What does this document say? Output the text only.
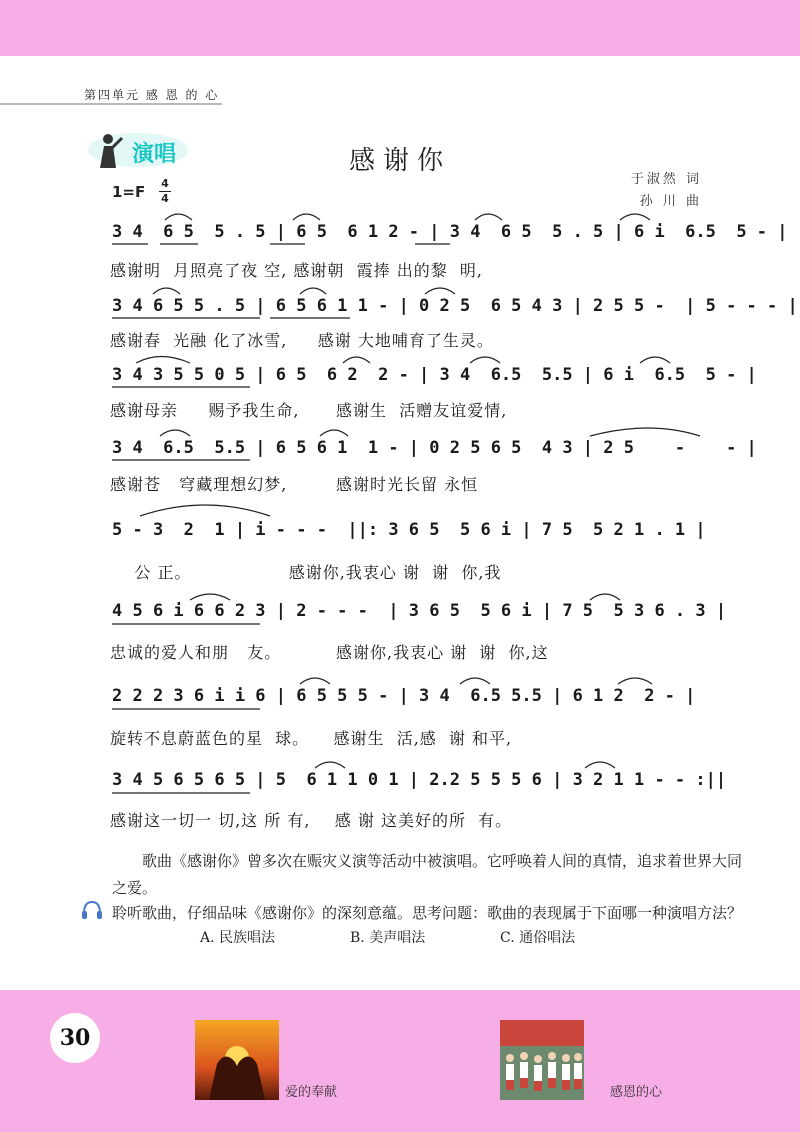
第四单元 感 恩 的 心
演唱	感谢你
于淑然 词
孙 川 曲
1=F 4
4
3 4  6 5  5 . 5 | 6 5  6 1 2 - | 3 4  6 5  5 . 5 | 6 i  6.5  5 - |
感谢明  月照亮了夜 空, 感谢朝  霞捧 出的黎  明,
3 4 6 5 5 . 5 | 6 5 6 1 1 - | 0 2 5  6 5 4 3 | 2 5 5 -  | 5 - - - |
感谢春  光融 化了冰雪,     感谢 大地哺育了生灵。
3 4 3 5 5 0 5 | 6 5  6 2  2 - | 3 4  6.5  5.5 | 6 i  6.5  5 - |
感谢母亲     赐予我生命,      感谢生  活赠友谊爱情,
3 4  6.5  5.5 | 6 5 6 1  1 - | 0 2 5 6 5  4 3 | 2 5    -    - |
感谢苍   穹藏理想幻梦,        感谢时光长留 永恒
5 - 3  2  1 | i - - -  ||: 3 6 5  5 6 i | 7 5  5 2 1 . 1 |
公 正。                感谢你,我衷心 谢  谢  你,我
4 5 6 i 6 6 2 3 | 2 - - -  | 3 6 5  5 6 i | 7 5  5 3 6 . 3 |
忠诚的爱人和朋   友。         感谢你,我衷心 谢  谢  你,这
2 2 2 3 6 i i 6 | 6 5 5 5 - | 3 4  6.5 5.5 | 6 1 2  2 - |
旋转不息蔚蓝色的星  球。    感谢生  活,感  谢 和平,
3 4 5 6 5 6 5 | 5  6 1 1 0 1 | 2.2 5 5 5 6 | 3 2 1 1 - - :||
感谢这一切一 切,这 所 有,    感 谢 这美好的所  有。
歌曲《感谢你》曾多次在赈灾义演等活动中被演唱。它呼唤着人间的真情，追求着世界大同之爱。
聆听歌曲，仔细品味《感谢你》的深刻意蕴。思考问题：歌曲的表现属于下面哪一种演唱方法？
A. 民族唱法	B. 美声唱法	C. 通俗唱法
30
爱的奉献	感恩的心
